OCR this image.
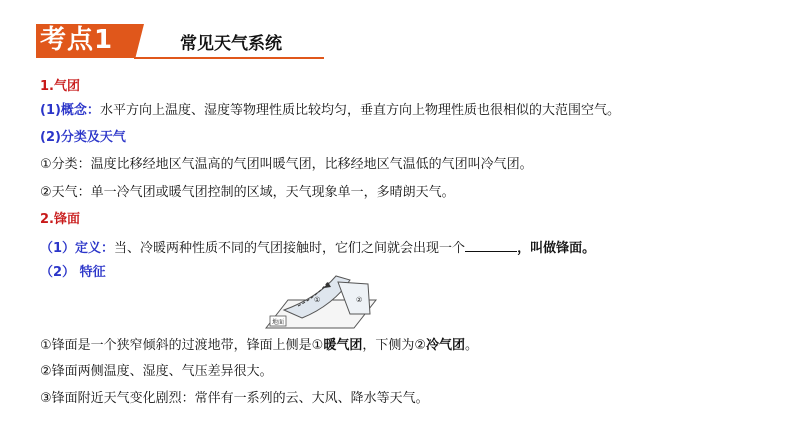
考点1	常见天气系统
1.气团
(1)概念：水平方向上温度、湿度等物理性质比较均匀，垂直方向上物理性质也很相似的大范围空气。
(2)分类及天气
①分类：温度比移经地区气温高的气团叫暖气团，比移经地区气温低的气团叫冷气团。
②天气：单一冷气团或暖气团控制的区域，天气现象单一，多晴朗天气。
2.锋面
（1）定义：当、冷暖两种性质不同的气团接触时，它们之间就会出现一个	，叫做锋面。
（2） 特征
地面
①	②
①锋面是一个狭窄倾斜的过渡地带，锋面上侧是①暖气团，下侧为②冷气团。
②锋面两侧温度、湿度、气压差异很大。
③锋面附近天气变化剧烈：常伴有一系列的云、大风、降水等天气。
